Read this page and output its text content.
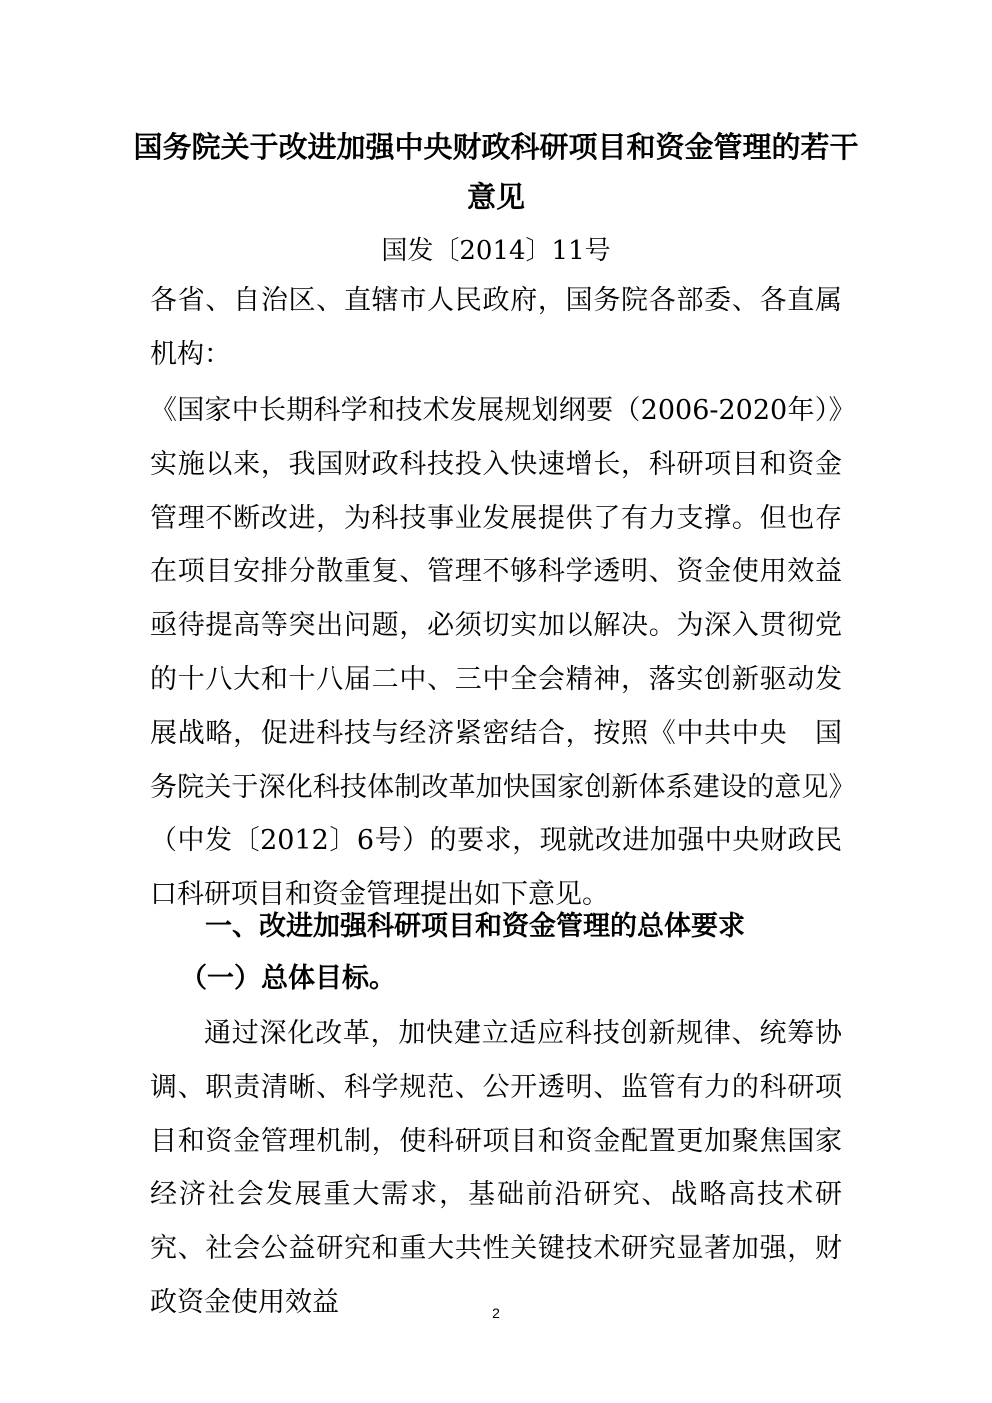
国务院关于改进加强中央财政科研项目和资金管理的若干
意见
国发〔2014〕11号

各省、自治区、直辖市人民政府，国务院各部委、各直属机构：

《国家中长期科学和技术发展规划纲要（2006-2020年）》实施以来，我国财政科技投入快速增长，科研项目和资金管理不断改进，为科技事业发展提供了有力支撑。但也存在项目安排分散重复、管理不够科学透明、资金使用效益亟待提高等突出问题，必须切实加以解决。为深入贯彻党的十八大和十八届二中、三中全会精神，落实创新驱动发展战略，促进科技与经济紧密结合，按照《中共中央　国务院关于深化科技体制改革加快国家创新体系建设的意见》（中发〔2012〕6号）的要求，现就改进加强中央财政民口科研项目和资金管理提出如下意见。

一、改进加强科研项目和资金管理的总体要求
（一）总体目标。

通过深化改革，加快建立适应科技创新规律、统筹协调、职责清晰、科学规范、公开透明、监管有力的科研项目和资金管理机制，使科研项目和资金配置更加聚焦国家经济社会发展重大需求，基础前沿研究、战略高技术研究、社会公益研究和重大共性关键技术研究显著加强，财政资金使用效益	2
